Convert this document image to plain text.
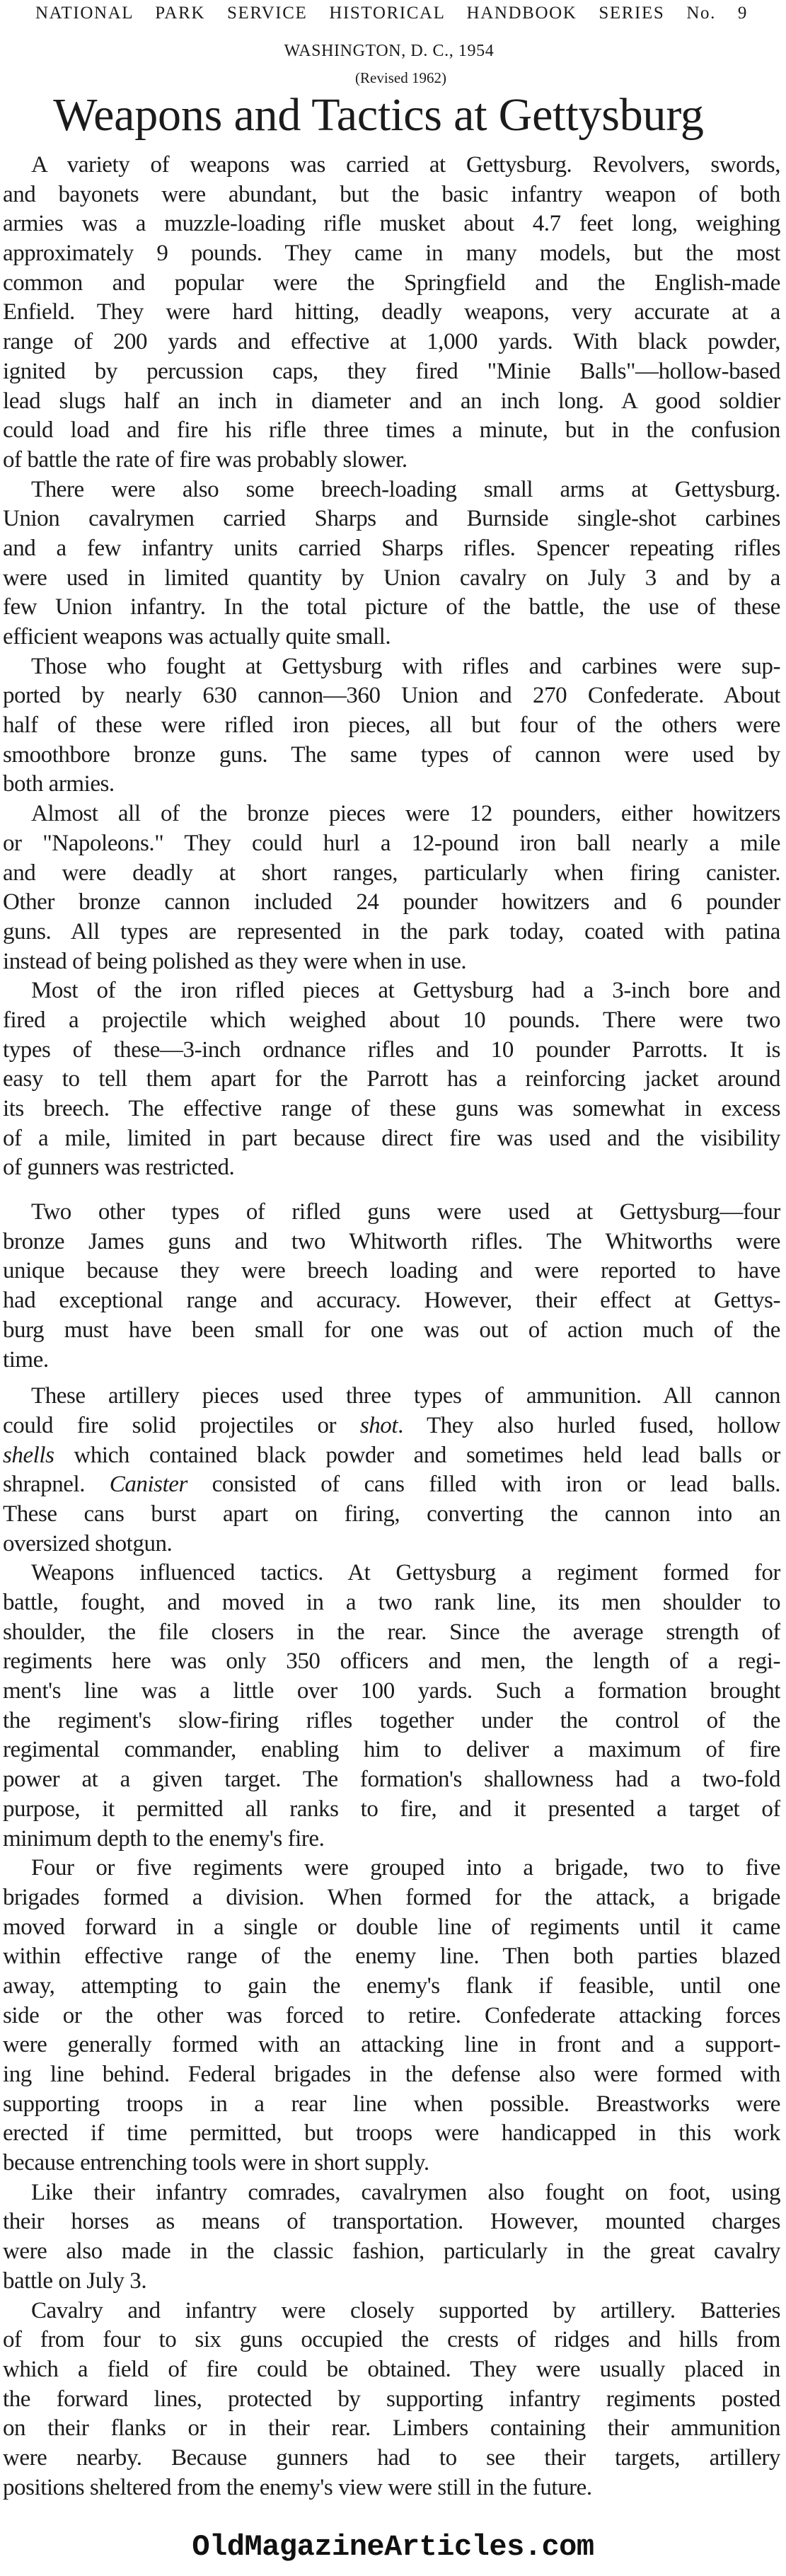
NATIONAL PARK SERVICE HISTORICAL HANDBOOK SERIES No. 9
WASHINGTON, D. C., 1954
(Revised 1962)
Weapons and Tactics at Gettysburg
A variety of weapons was carried at Gettysburg. Revolvers, swords,
and bayonets were abundant, but the basic infantry weapon of both
armies was a muzzle-loading rifle musket about 4.7 feet long, weighing
approximately 9 pounds. They came in many models, but the most
common and popular were the Springfield and the English-made
Enfield. They were hard hitting, deadly weapons, very accurate at a
range of 200 yards and effective at 1,000 yards. With black powder,
ignited by percussion caps, they fired "Minie Balls"—hollow-based
lead slugs half an inch in diameter and an inch long. A good soldier
could load and fire his rifle three times a minute, but in the confusion
of battle the rate of fire was probably slower.
There were also some breech-loading small arms at Gettysburg.
Union cavalrymen carried Sharps and Burnside single-shot carbines
and a few infantry units carried Sharps rifles. Spencer repeating rifles
were used in limited quantity by Union cavalry on July 3 and by a
few Union infantry. In the total picture of the battle, the use of these
efficient weapons was actually quite small.
Those who fought at Gettysburg with rifles and carbines were sup-
ported by nearly 630 cannon—360 Union and 270 Confederate. About
half of these were rifled iron pieces, all but four of the others were
smoothbore bronze guns. The same types of cannon were used by
both armies.
Almost all of the bronze pieces were 12 pounders, either howitzers
or "Napoleons." They could hurl a 12-pound iron ball nearly a mile
and were deadly at short ranges, particularly when firing canister.
Other bronze cannon included 24 pounder howitzers and 6 pounder
guns. All types are represented in the park today, coated with patina
instead of being polished as they were when in use.
Most of the iron rifled pieces at Gettysburg had a 3-inch bore and
fired a projectile which weighed about 10 pounds. There were two
types of these—3-inch ordnance rifles and 10 pounder Parrotts. It is
easy to tell them apart for the Parrott has a reinforcing jacket around
its breech. The effective range of these guns was somewhat in excess
of a mile, limited in part because direct fire was used and the visibility
of gunners was restricted.
Two other types of rifled guns were used at Gettysburg—four
bronze James guns and two Whitworth rifles. The Whitworths were
unique because they were breech loading and were reported to have
had exceptional range and accuracy. However, their effect at Gettys-
burg must have been small for one was out of action much of the
time.
These artillery pieces used three types of ammunition. All cannon
could fire solid projectiles or shot. They also hurled fused, hollow
shells which contained black powder and sometimes held lead balls or
shrapnel. Canister consisted of cans filled with iron or lead balls.
These cans burst apart on firing, converting the cannon into an
oversized shotgun.
Weapons influenced tactics. At Gettysburg a regiment formed for
battle, fought, and moved in a two rank line, its men shoulder to
shoulder, the file closers in the rear. Since the average strength of
regiments here was only 350 officers and men, the length of a regi-
ment's line was a little over 100 yards. Such a formation brought
the regiment's slow-firing rifles together under the control of the
regimental commander, enabling him to deliver a maximum of fire
power at a given target. The formation's shallowness had a two-fold
purpose, it permitted all ranks to fire, and it presented a target of
minimum depth to the enemy's fire.
Four or five regiments were grouped into a brigade, two to five
brigades formed a division. When formed for the attack, a brigade
moved forward in a single or double line of regiments until it came
within effective range of the enemy line. Then both parties blazed
away, attempting to gain the enemy's flank if feasible, until one
side or the other was forced to retire. Confederate attacking forces
were generally formed with an attacking line in front and a support-
ing line behind. Federal brigades in the defense also were formed with
supporting troops in a rear line when possible. Breastworks were
erected if time permitted, but troops were handicapped in this work
because entrenching tools were in short supply.
Like their infantry comrades, cavalrymen also fought on foot, using
their horses as means of transportation. However, mounted charges
were also made in the classic fashion, particularly in the great cavalry
battle on July 3.
Cavalry and infantry were closely supported by artillery. Batteries
of from four to six guns occupied the crests of ridges and hills from
which a field of fire could be obtained. They were usually placed in
the forward lines, protected by supporting infantry regiments posted
on their flanks or in their rear. Limbers containing their ammunition
were nearby. Because gunners had to see their targets, artillery
positions sheltered from the enemy's view were still in the future.
OldMagazineArticles.com
